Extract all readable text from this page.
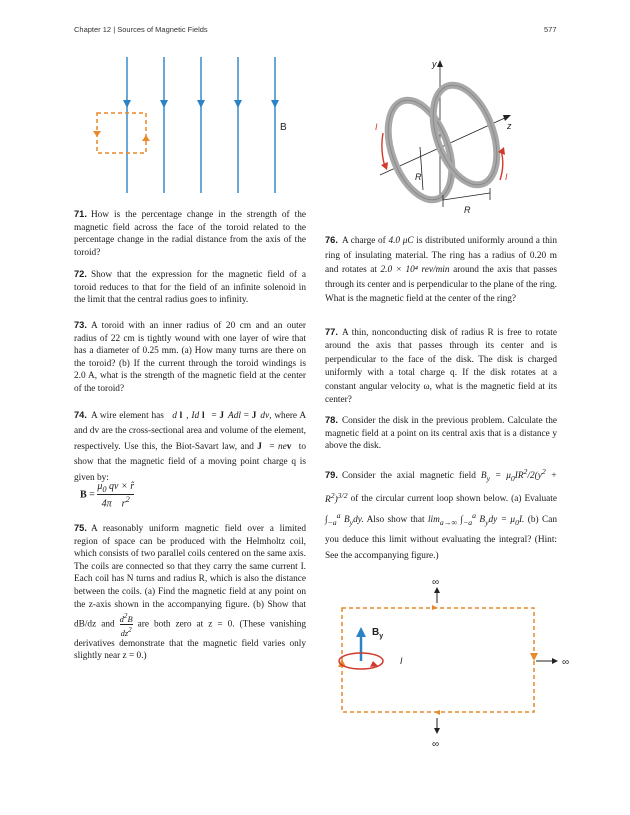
Chapter 12 | Sources of Magnetic Fields	577
B
y
z
R
I
I
R
71. How is the percentage change in the strength of the magnetic field across the face of the toroid related to the percentage change in the radial distance from the axis of the toroid?
72. Show that the expression for the magnetic field of a toroid reduces to that for the field of an infinite solenoid in the limit that the central radius goes to infinity.
73. A toroid with an inner radius of 20 cm and an outer radius of 22 cm is tightly wound with one layer of wire that has a diameter of 0.25 mm. (a) How many turns are there on the toroid? (b) If the current through the toroid windings is 2.0 A, what is the strength of the magnetic field at the center of the toroid?
74. A wire element has   d l , Id l = J Adl = J dv, where A and dv are the cross-sectional area and volume of the element, respectively. Use this, the Biot-Savart law, and J = nev to show that the magnetic field of a moving point charge q is given by:
$B = \frac{\mu_0 qv \times r̂}{4\pi r^2}$
75. A reasonably uniform magnetic field over a limited region of space can be produced with the Helmholtz coil, which consists of two parallel coils centered on the same axis. The coils are connected so that they carry the same current I. Each coil has N turns and radius R, which is also the distance between the coils. (a) Find the magnetic field at any point on the z-axis shown in the accompanying figure. (b) Show that dB/dz and $\frac{d^2B}{dz^2}$ are both zero at z = 0. (These vanishing derivatives demonstrate that the magnetic field varies only slightly near z = 0.)
76. A charge of 4.0 μC is distributed uniformly around a thin ring of insulating material. The ring has a radius of 0.20 m and rotates at 2.0 × 10⁴ rev/min around the axis that passes through its center and is perpendicular to the plane of the ring. What is the magnetic field at the center of the ring?
77. A thin, nonconducting disk of radius R is free to rotate around the axis that passes through its center and is perpendicular to the face of the disk. The disk is charged uniformly with a total charge q. If the disk rotates at a constant angular velocity ω, what is the magnetic field at its center?
78. Consider the disk in the previous problem. Calculate the magnetic field at a point on its central axis that is a distance y above the disk.
79. Consider the axial magnetic field $B_y = \mu_0IR^2/2(y^2 + R^2)^{3/2}$ of the circular current loop shown below. (a) Evaluate $\int_{-a}^a$ $B_ydy$. Also show that $\lim_{a\to\infty} \int_{-a}^a$ $B_ydy = \mu_0I$. (b) Can you deduce this limit without evaluating the integral? (Hint: See the accompanying figure.)
∞
$B_y$
I	∞
∞
